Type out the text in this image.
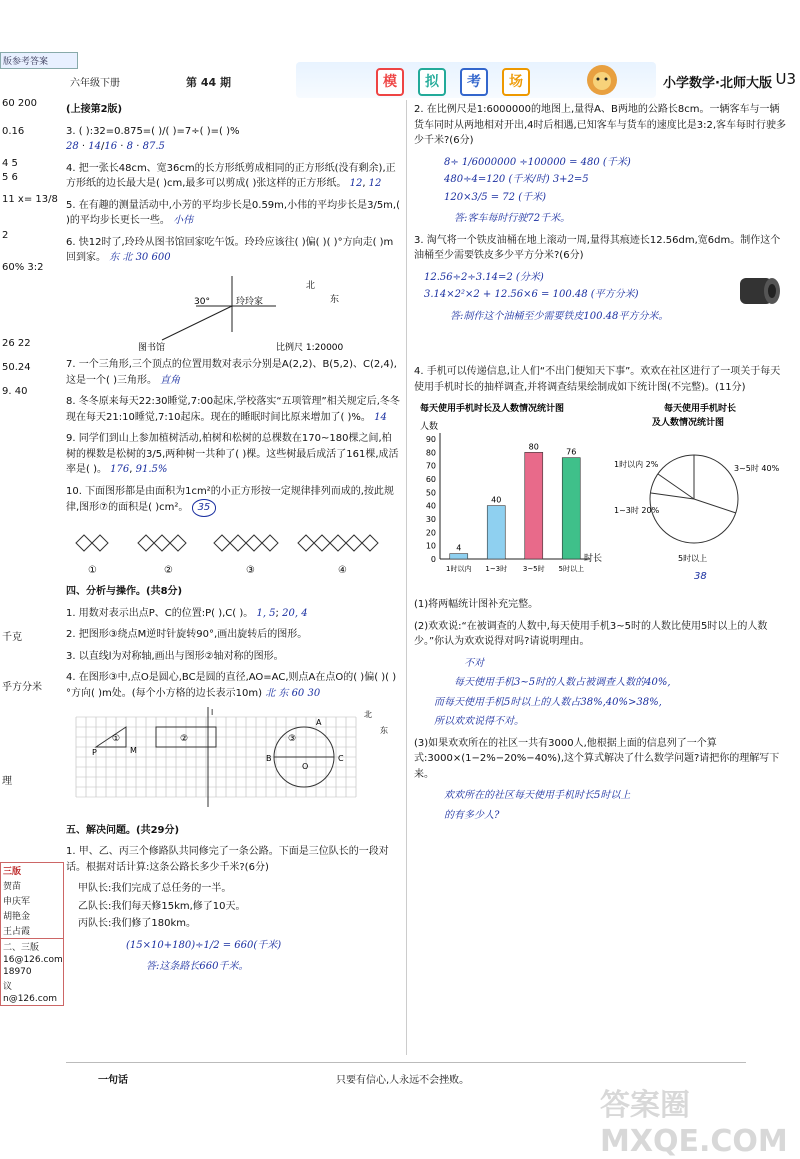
版参考答案
60 200
0.16
4 5
5 6
11 x= 13/8
2
60% 3:2
26 22
50.24
9. 40
千克
乎方分米
理
三版
贺苗
申庆军
胡艳金
王占霞
二、三版
16@126.com
18970
议
n@126.com
六年级下册	第 44 期	模	拟	考	场	小学数学·北师大版 U3

(上接第2版)

3. ( ):32=0.875=( )/( )=7÷( )=( )%
28 · 14/16 · 8 · 87.5

4. 把一张长48cm、宽36cm的长方形纸剪成相同的正方形纸(没有剩余),正方形纸的边长最大是( )cm,最多可以剪成( )张这样的正方形纸。 12, 12

5. 在有趣的测量活动中,小芳的平均步长是0.59m,小伟的平均步长是3/5m,( )的平均步长更长一些。 小伟

6. 快12时了,玲玲从图书馆回家吃午饭。玲玲应该往( )偏( )( )°方向走( )m回到家。 东 北 30 600

30°	玲玲家
图书馆
北
东
比例尺 1:20000

7. 一个三角形,三个顶点的位置用数对表示分别是A(2,2)、B(5,2)、C(2,4),这是一个( )三角形。 直角

8. 冬冬原来每天22:30睡觉,7:00起床,学校落实“五项管理”相关规定后,冬冬现在每天21:10睡觉,7:10起床。现在的睡眠时间比原来增加了( )%。 14

9. 同学们到山上参加植树活动,柏树和松树的总棵数在170~180棵之间,柏树的棵数是松树的3/5,两种树一共种了( )棵。这些树最后成活了161棵,成活率是( )。 176, 91.5%

10. 下面图形都是由面积为1cm²的小正方形按一定规律排列而成的,按此规律,图形⑦的面积是( )cm²。 35

①	②	③	④

四、分析与操作。(共8分)

1. 用数对表示出点P、C的位置:P( ),C( )。 1, 5; 20, 4

2. 把图形③绕点M逆时针旋转90°,画出旋转后的图形。

3. 以直线l为对称轴,画出与图形②轴对称的图形。

4. 在图形③中,点O是圆心,BC是圆的直径,AO=AC,则点A在点O的( )偏( )( )°方向( )m处。(每个小方格的边长表示10m) 北 东 60 30

P	M
A
B	C
O
l
①	②	③
北
东

五、解决问题。(共29分)

1. 甲、乙、丙三个修路队共同修完了一条公路。下面是三位队长的一段对话。根据对话计算:这条公路长多少千米?(6分)

甲队长:我们完成了总任务的一半。

乙队长:我们每天修15km,修了10天。

丙队长:我们修了180km。

(15×10+180)÷1/2 = 660(千米)

答:这条路长660千米。

2. 在比例尺是1:6000000的地图上,量得A、B两地的公路长8cm。一辆客车与一辆货车同时从两地相对开出,4时后相遇,已知客车与货车的速度比是3:2,客车每时行驶多少千米?(6分)

8÷ 1/6000000 ÷100000 = 480 (千米)

480÷4=120 (千米/时) 3+2=5

120×3/5 = 72 (千米)

答:客车每时行驶72千米。

3. 淘气将一个铁皮油桶在地上滚动一周,量得其痕迹长12.56dm,宽6dm。制作这个油桶至少需要铁皮多少平方分米?(6分)

12.56÷2÷3.14=2 (分米)

3.14×2²×2 + 12.56×6 = 100.48 (平方分米)

答:制作这个油桶至少需要铁皮100.48平方分米。

4. 手机可以传递信息,让人们“不出门便知天下事”。欢欢在社区进行了一项关于每天使用手机时长的抽样调查,并将调查结果绘制成如下统计图(不完整)。(11分)

每天使用手机时长及人数情况统计图
人数
时长
0
10
20
30
40
50
60
70
80
90
4
1时以内
40
1~3时
80
3~5时
76
5时以上
每天使用手机时长
及人数情况统计图
1时以内 2%	3~5时 40%
1~3时 20%
5时以上
38

(1)将两幅统计图补充完整。

(2)欢欢说:“在被调查的人数中,每天使用手机3~5时的人数比使用5时以上的人数少。”你认为欢欢说得对吗?请说明理由。

不对

每天使用手机3~5时的人数占被调查人数的40%,

而每天使用手机5时以上的人数占38%,40%>38%,

所以欢欢说得不对。

(3)如果欢欢所在的社区一共有3000人,他根据上面的信息列了一个算式:3000×(1−2%−20%−40%),这个算式解决了什么数学问题?请把你的理解写下来。

欢欢所在的社区每天使用手机时长5时以上

的有多少人?

一句话	只要有信心,人永远不会挫败。
答案圈 MXQE.COM
